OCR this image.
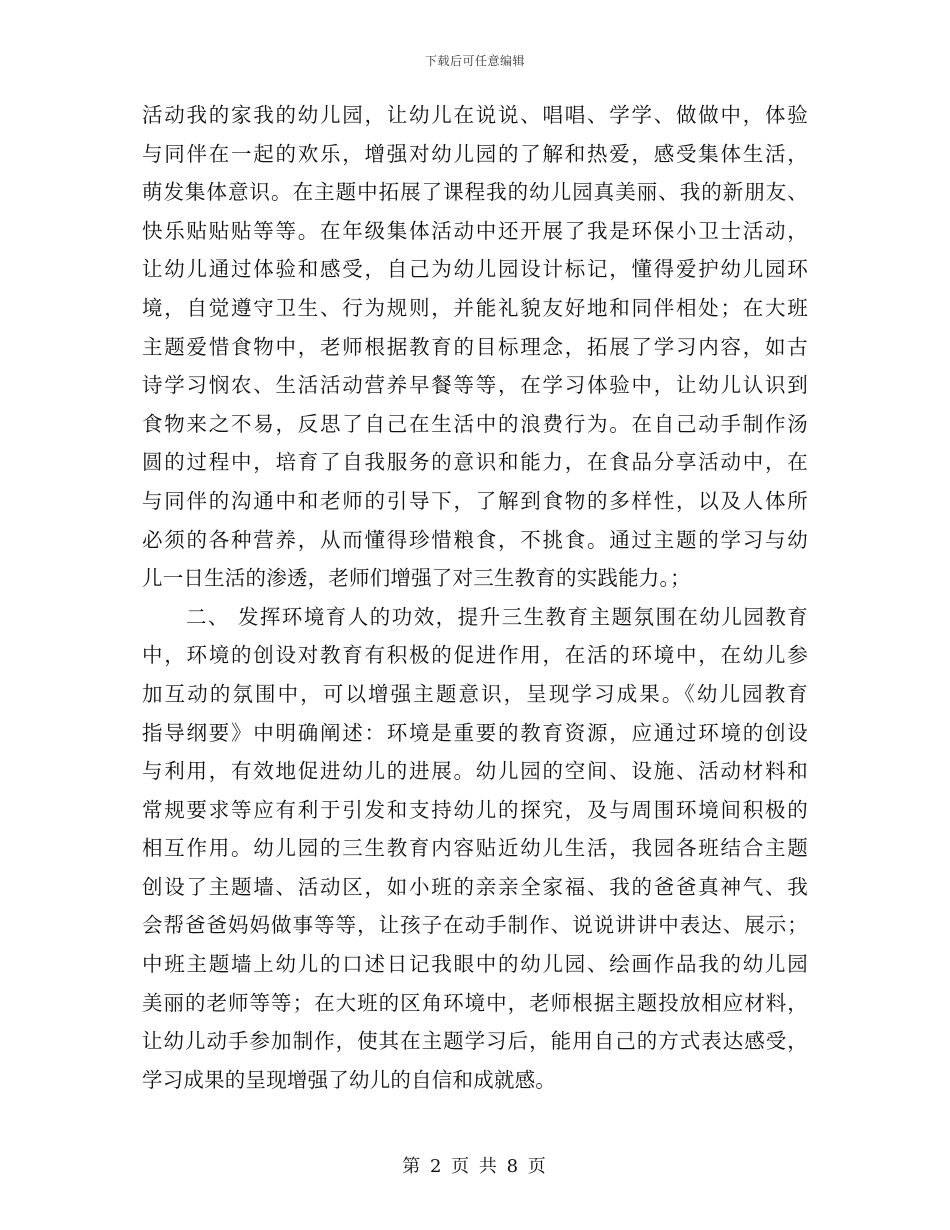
下载后可任意编辑
活动我的家我的幼儿园，让幼儿在说说、唱唱、学学、做做中，体验
与同伴在一起的欢乐，增强对幼儿园的了解和热爱，感受集体生活，
萌发集体意识。在主题中拓展了课程我的幼儿园真美丽、我的新朋友、
快乐贴贴贴等等。在年级集体活动中还开展了我是环保小卫士活动，
让幼儿通过体验和感受，自己为幼儿园设计标记，懂得爱护幼儿园环
境，自觉遵守卫生、行为规则，并能礼貌友好地和同伴相处；在大班
主题爱惜食物中，老师根据教育的目标理念，拓展了学习内容，如古
诗学习悯农、生活活动营养早餐等等，在学习体验中，让幼儿认识到
食物来之不易，反思了自己在生活中的浪费行为。在自己动手制作汤
圆的过程中，培育了自我服务的意识和能力，在食品分享活动中，在
与同伴的沟通中和老师的引导下，了解到食物的多样性，以及人体所
必须的各种营养，从而懂得珍惜粮食，不挑食。通过主题的学习与幼
儿一日生活的渗透，老师们增强了对三生教育的实践能力。；
　　二、 发挥环境育人的功效，提升三生教育主题氛围在幼儿园教育
中，环境的创设对教育有积极的促进作用，在活的环境中，在幼儿参
加互动的氛围中，可以增强主题意识，呈现学习成果。《幼儿园教育
指导纲要》中明确阐述：环境是重要的教育资源，应通过环境的创设
与利用，有效地促进幼儿的进展。幼儿园的空间、设施、活动材料和
常规要求等应有利于引发和支持幼儿的探究，及与周围环境间积极的
相互作用。幼儿园的三生教育内容贴近幼儿生活，我园各班结合主题
创设了主题墙、活动区，如小班的亲亲全家福、我的爸爸真神气、我
会帮爸爸妈妈做事等等，让孩子在动手制作、说说讲讲中表达、展示；
中班主题墙上幼儿的口述日记我眼中的幼儿园、绘画作品我的幼儿园
美丽的老师等等；在大班的区角环境中，老师根据主题投放相应材料，
让幼儿动手参加制作，使其在主题学习后，能用自己的方式表达感受，
学习成果的呈现增强了幼儿的自信和成就感。
第 2 页 共 8 页
